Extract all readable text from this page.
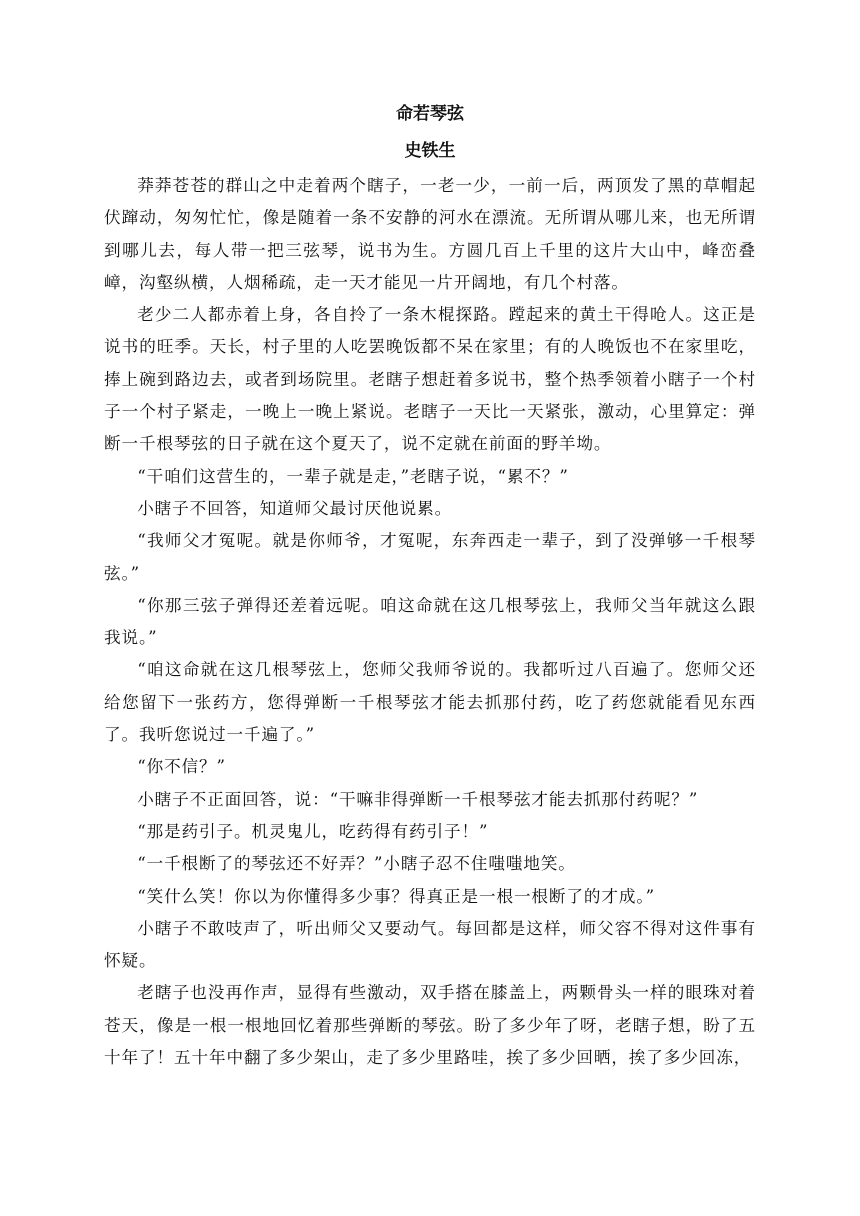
命若琴弦
史铁生

莽莽苍苍的群山之中走着两个瞎子，一老一少，一前一后，两顶发了黑的草帽起伏蹿动，匆匆忙忙，像是随着一条不安静的河水在漂流。无所谓从哪儿来，也无所谓到哪儿去，每人带一把三弦琴，说书为生。方圆几百上千里的这片大山中，峰峦叠嶂，沟壑纵横，人烟稀疏，走一天才能见一片开阔地，有几个村落。

老少二人都赤着上身，各自拎了一条木棍探路。蹚起来的黄土干得呛人。这正是说书的旺季。天长，村子里的人吃罢晚饭都不呆在家里；有的人晚饭也不在家里吃，捧上碗到路边去，或者到场院里。老瞎子想赶着多说书，整个热季领着小瞎子一个村子一个村子紧走，一晚上一晚上紧说。老瞎子一天比一天紧张，激动，心里算定：弹断一千根琴弦的日子就在这个夏天了，说不定就在前面的野羊坳。

“干咱们这营生的，一辈子就是走，”老瞎子说，“累不？”

小瞎子不回答，知道师父最讨厌他说累。

“我师父才冤呢。就是你师爷，才冤呢，东奔西走一辈子，到了没弹够一千根琴弦。”

“你那三弦子弹得还差着远呢。咱这命就在这几根琴弦上，我师父当年就这么跟我说。”

“咱这命就在这几根琴弦上，您师父我师爷说的。我都听过八百遍了。您师父还给您留下一张药方，您得弹断一千根琴弦才能去抓那付药，吃了药您就能看见东西了。我听您说过一千遍了。”

“你不信？”

小瞎子不正面回答，说：“干嘛非得弹断一千根琴弦才能去抓那付药呢？”

“那是药引子。机灵鬼儿，吃药得有药引子！”

“一千根断了的琴弦还不好弄？”小瞎子忍不住嗤嗤地笑。

“笑什么笑！你以为你懂得多少事？得真正是一根一根断了的才成。”

小瞎子不敢吱声了，听出师父又要动气。每回都是这样，师父容不得对这件事有怀疑。

老瞎子也没再作声，显得有些激动，双手搭在膝盖上，两颗骨头一样的眼珠对着苍天，像是一根一根地回忆着那些弹断的琴弦。盼了多少年了呀，老瞎子想，盼了五十年了！五十年中翻了多少架山，走了多少里路哇，挨了多少回晒，挨了多少回冻，
